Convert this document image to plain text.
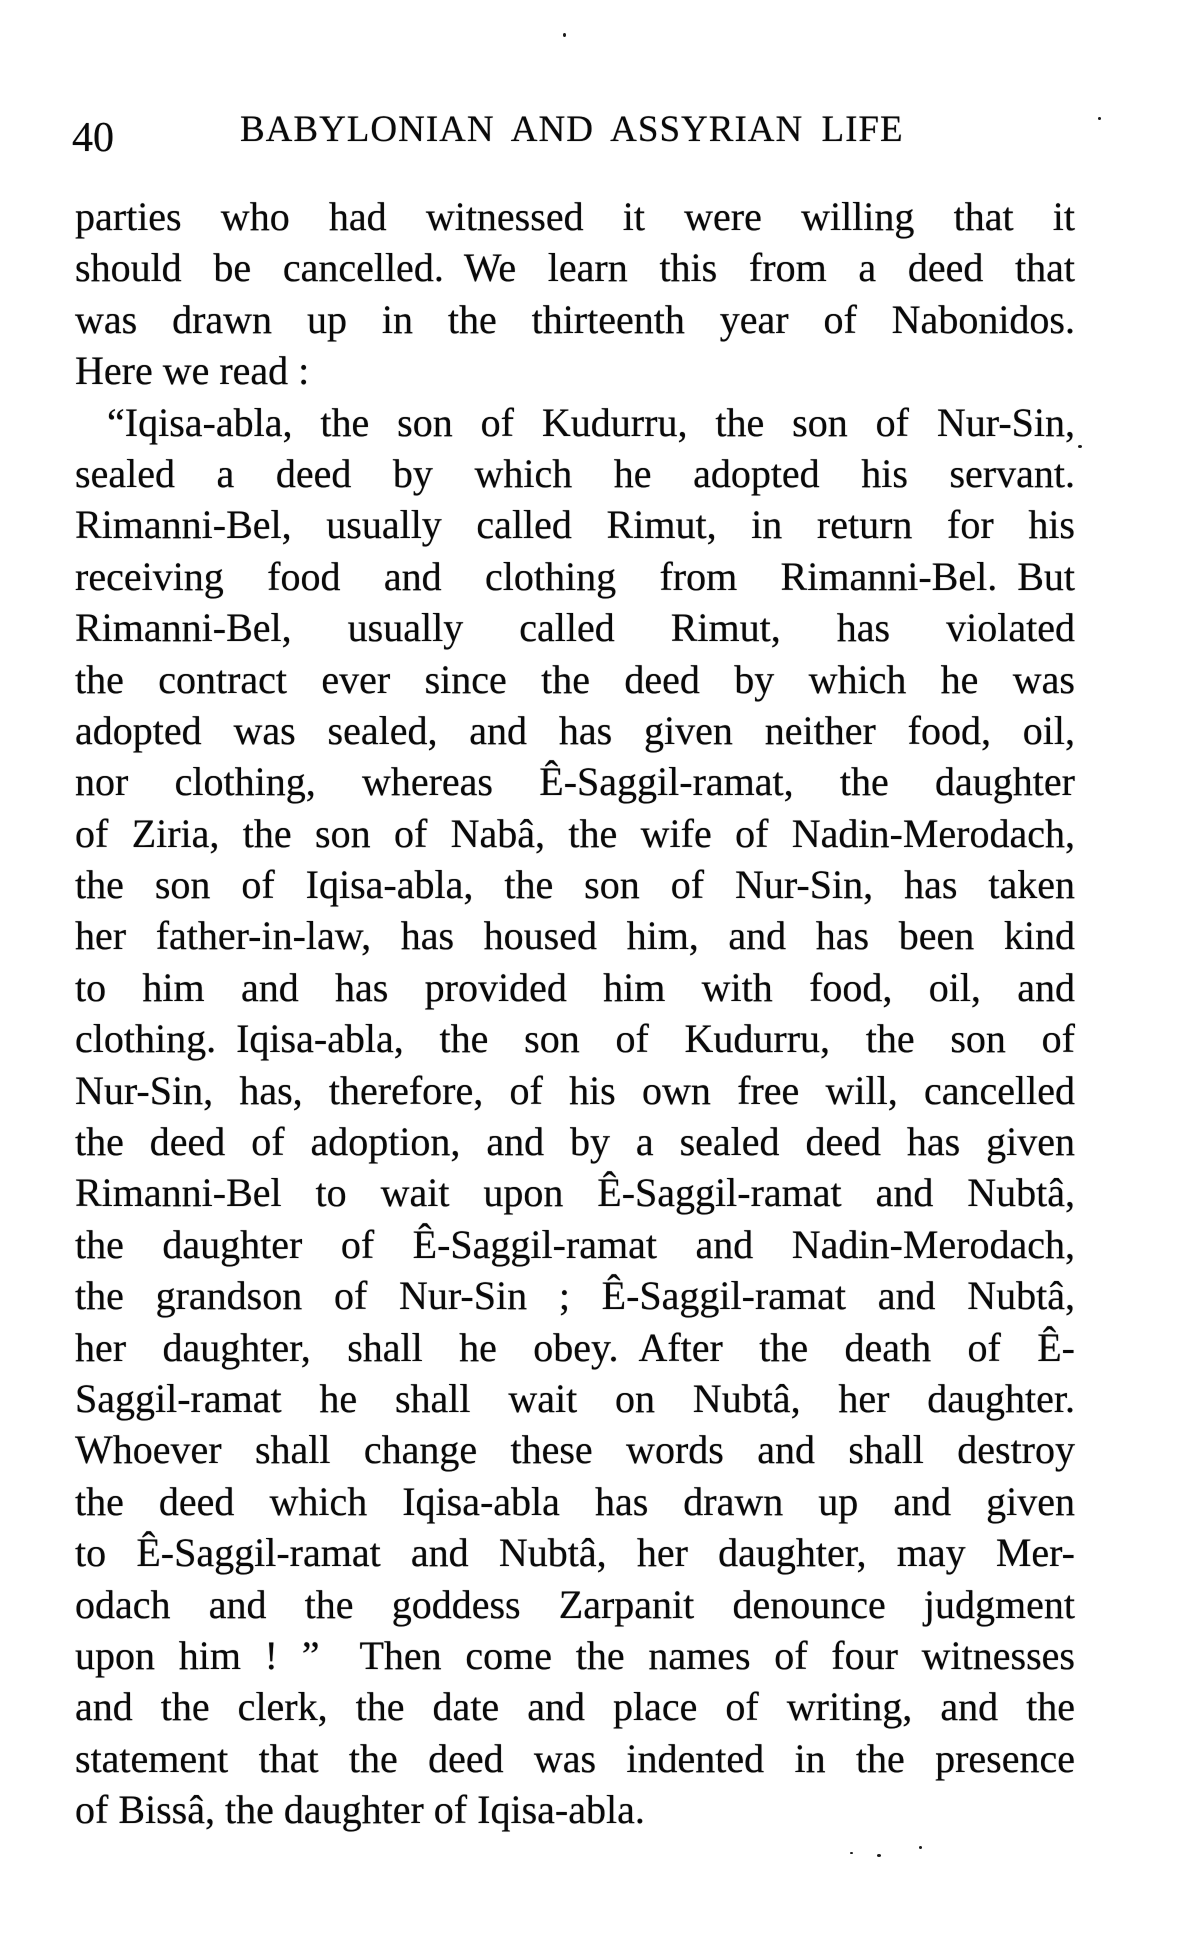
40	BABYLONIAN AND ASSYRIAN LIFE
parties who had witnessed it were willing that it
should be cancelled. We learn this from a deed that
was drawn up in the thirteenth year of Nabonidos.
Here we read :
“Iqisa-abla, the son of Kudurru, the son of Nur-Sin,
sealed a deed by which he adopted his servant.
Rimanni-Bel, usually called Rimut, in return for his
receiving food and clothing from Rimanni-Bel. But
Rimanni-Bel, usually called Rimut, has violated
the contract ever since the deed by which he was
adopted was sealed, and has given neither food, oil,
nor clothing, whereas Ê-Saggil-ramat, the daughter
of Ziria, the son of Nabâ, the wife of Nadin-Merodach,
the son of Iqisa-abla, the son of Nur-Sin, has taken
her father-in-law, has housed him, and has been kind
to him and has provided him with food, oil, and
clothing. Iqisa-abla, the son of Kudurru, the son of
Nur-Sin, has, therefore, of his own free will, cancelled
the deed of adoption, and by a sealed deed has given
Rimanni-Bel to wait upon Ê-Saggil-ramat and Nubtâ,
the daughter of Ê-Saggil-ramat and Nadin-Merodach,
the grandson of Nur-Sin ; Ê-Saggil-ramat and Nubtâ,
her daughter, shall he obey. After the death of Ê-
Saggil-ramat he shall wait on Nubtâ, her daughter.
Whoever shall change these words and shall destroy
the deed which Iqisa-abla has drawn up and given
to Ê-Saggil-ramat and Nubtâ, her daughter, may Mer-
odach and the goddess Zarpanit denounce judgment
upon him ! ” Then come the names of four witnesses
and the clerk, the date and place of writing, and the
statement that the deed was indented in the presence
of Bissâ, the daughter of Iqisa-abla.
